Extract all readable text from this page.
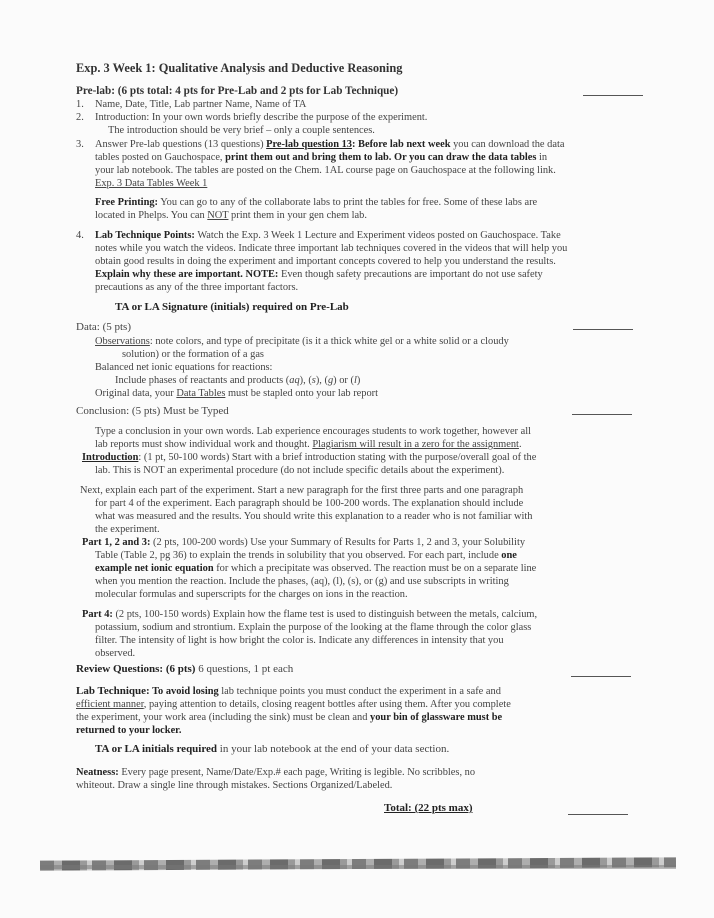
Exp. 3 Week 1: Qualitative Analysis and Deductive Reasoning
Pre-lab: (6 pts total: 4 pts for Pre-Lab and 2 pts for Lab Technique)
1. Name, Date, Title, Lab partner Name, Name of TA
2. Introduction: In your own words briefly describe the purpose of the experiment.
The introduction should be very brief – only a couple sentences.
3. Answer Pre-lab questions (13 questions) Pre-lab question 13: Before lab next week you can download the data
tables posted on Gauchospace, print them out and bring them to lab. Or you can draw the data tables in
your lab notebook. The tables are posted on the Chem. 1AL course page on Gauchospace at the following link.
Exp. 3 Data Tables Week 1
Free Printing: You can go to any of the collaborate labs to print the tables for free. Some of these labs are
located in Phelps. You can NOT print them in your gen chem lab.
4. Lab Technique Points: Watch the Exp. 3 Week 1 Lecture and Experiment videos posted on Gauchospace. Take
notes while you watch the videos. Indicate three important lab techniques covered in the videos that will help you
obtain good results in doing the experiment and important concepts covered to help you understand the results.
Explain why these are important. NOTE: Even though safety precautions are important do not use safety
precautions as any of the three important factors.
TA or LA Signature (initials) required on Pre-Lab
Data: (5 pts)
Observations: note colors, and type of precipitate (is it a thick white gel or a white solid or a cloudy
solution) or the formation of a gas
Balanced net ionic equations for reactions:
Include phases of reactants and products (aq), (s), (g) or (l)
Original data, your Data Tables must be stapled onto your lab report
Conclusion: (5 pts) Must be Typed
Type a conclusion in your own words. Lab experience encourages students to work together, however all
lab reports must show individual work and thought. Plagiarism will result in a zero for the assignment.
Introduction: (1 pt, 50-100 words) Start with a brief introduction stating with the purpose/overall goal of the
lab. This is NOT an experimental procedure (do not include specific details about the experiment).
Next, explain each part of the experiment. Start a new paragraph for the first three parts and one paragraph
for part 4 of the experiment. Each paragraph should be 100-200 words. The explanation should include
what was measured and the results. You should write this explanation to a reader who is not familiar with
the experiment.
Part 1, 2 and 3: (2 pts, 100-200 words) Use your Summary of Results for Parts 1, 2 and 3, your Solubility
Table (Table 2, pg 36) to explain the trends in solubility that you observed. For each part, include one
example net ionic equation for which a precipitate was observed. The reaction must be on a separate line
when you mention the reaction. Include the phases, (aq), (l), (s), or (g) and use subscripts in writing
molecular formulas and superscripts for the charges on ions in the reaction.
Part 4: (2 pts, 100-150 words) Explain how the flame test is used to distinguish between the metals, calcium,
potassium, sodium and strontium. Explain the purpose of the looking at the flame through the color glass
filter. The intensity of light is how bright the color is. Indicate any differences in intensity that you
observed.
Review Questions: (6 pts) 6 questions, 1 pt each
Lab Technique: To avoid losing lab technique points you must conduct the experiment in a safe and
efficient manner, paying attention to details, closing reagent bottles after using them. After you complete
the experiment, your work area (including the sink) must be clean and your bin of glassware must be
returned to your locker.
TA or LA initials required in your lab notebook at the end of your data section.
Neatness: Every page present, Name/Date/Exp.# each page, Writing is legible. No scribbles, no
whiteout. Draw a single line through mistakes. Sections Organized/Labeled.
Total: (22 pts max)
